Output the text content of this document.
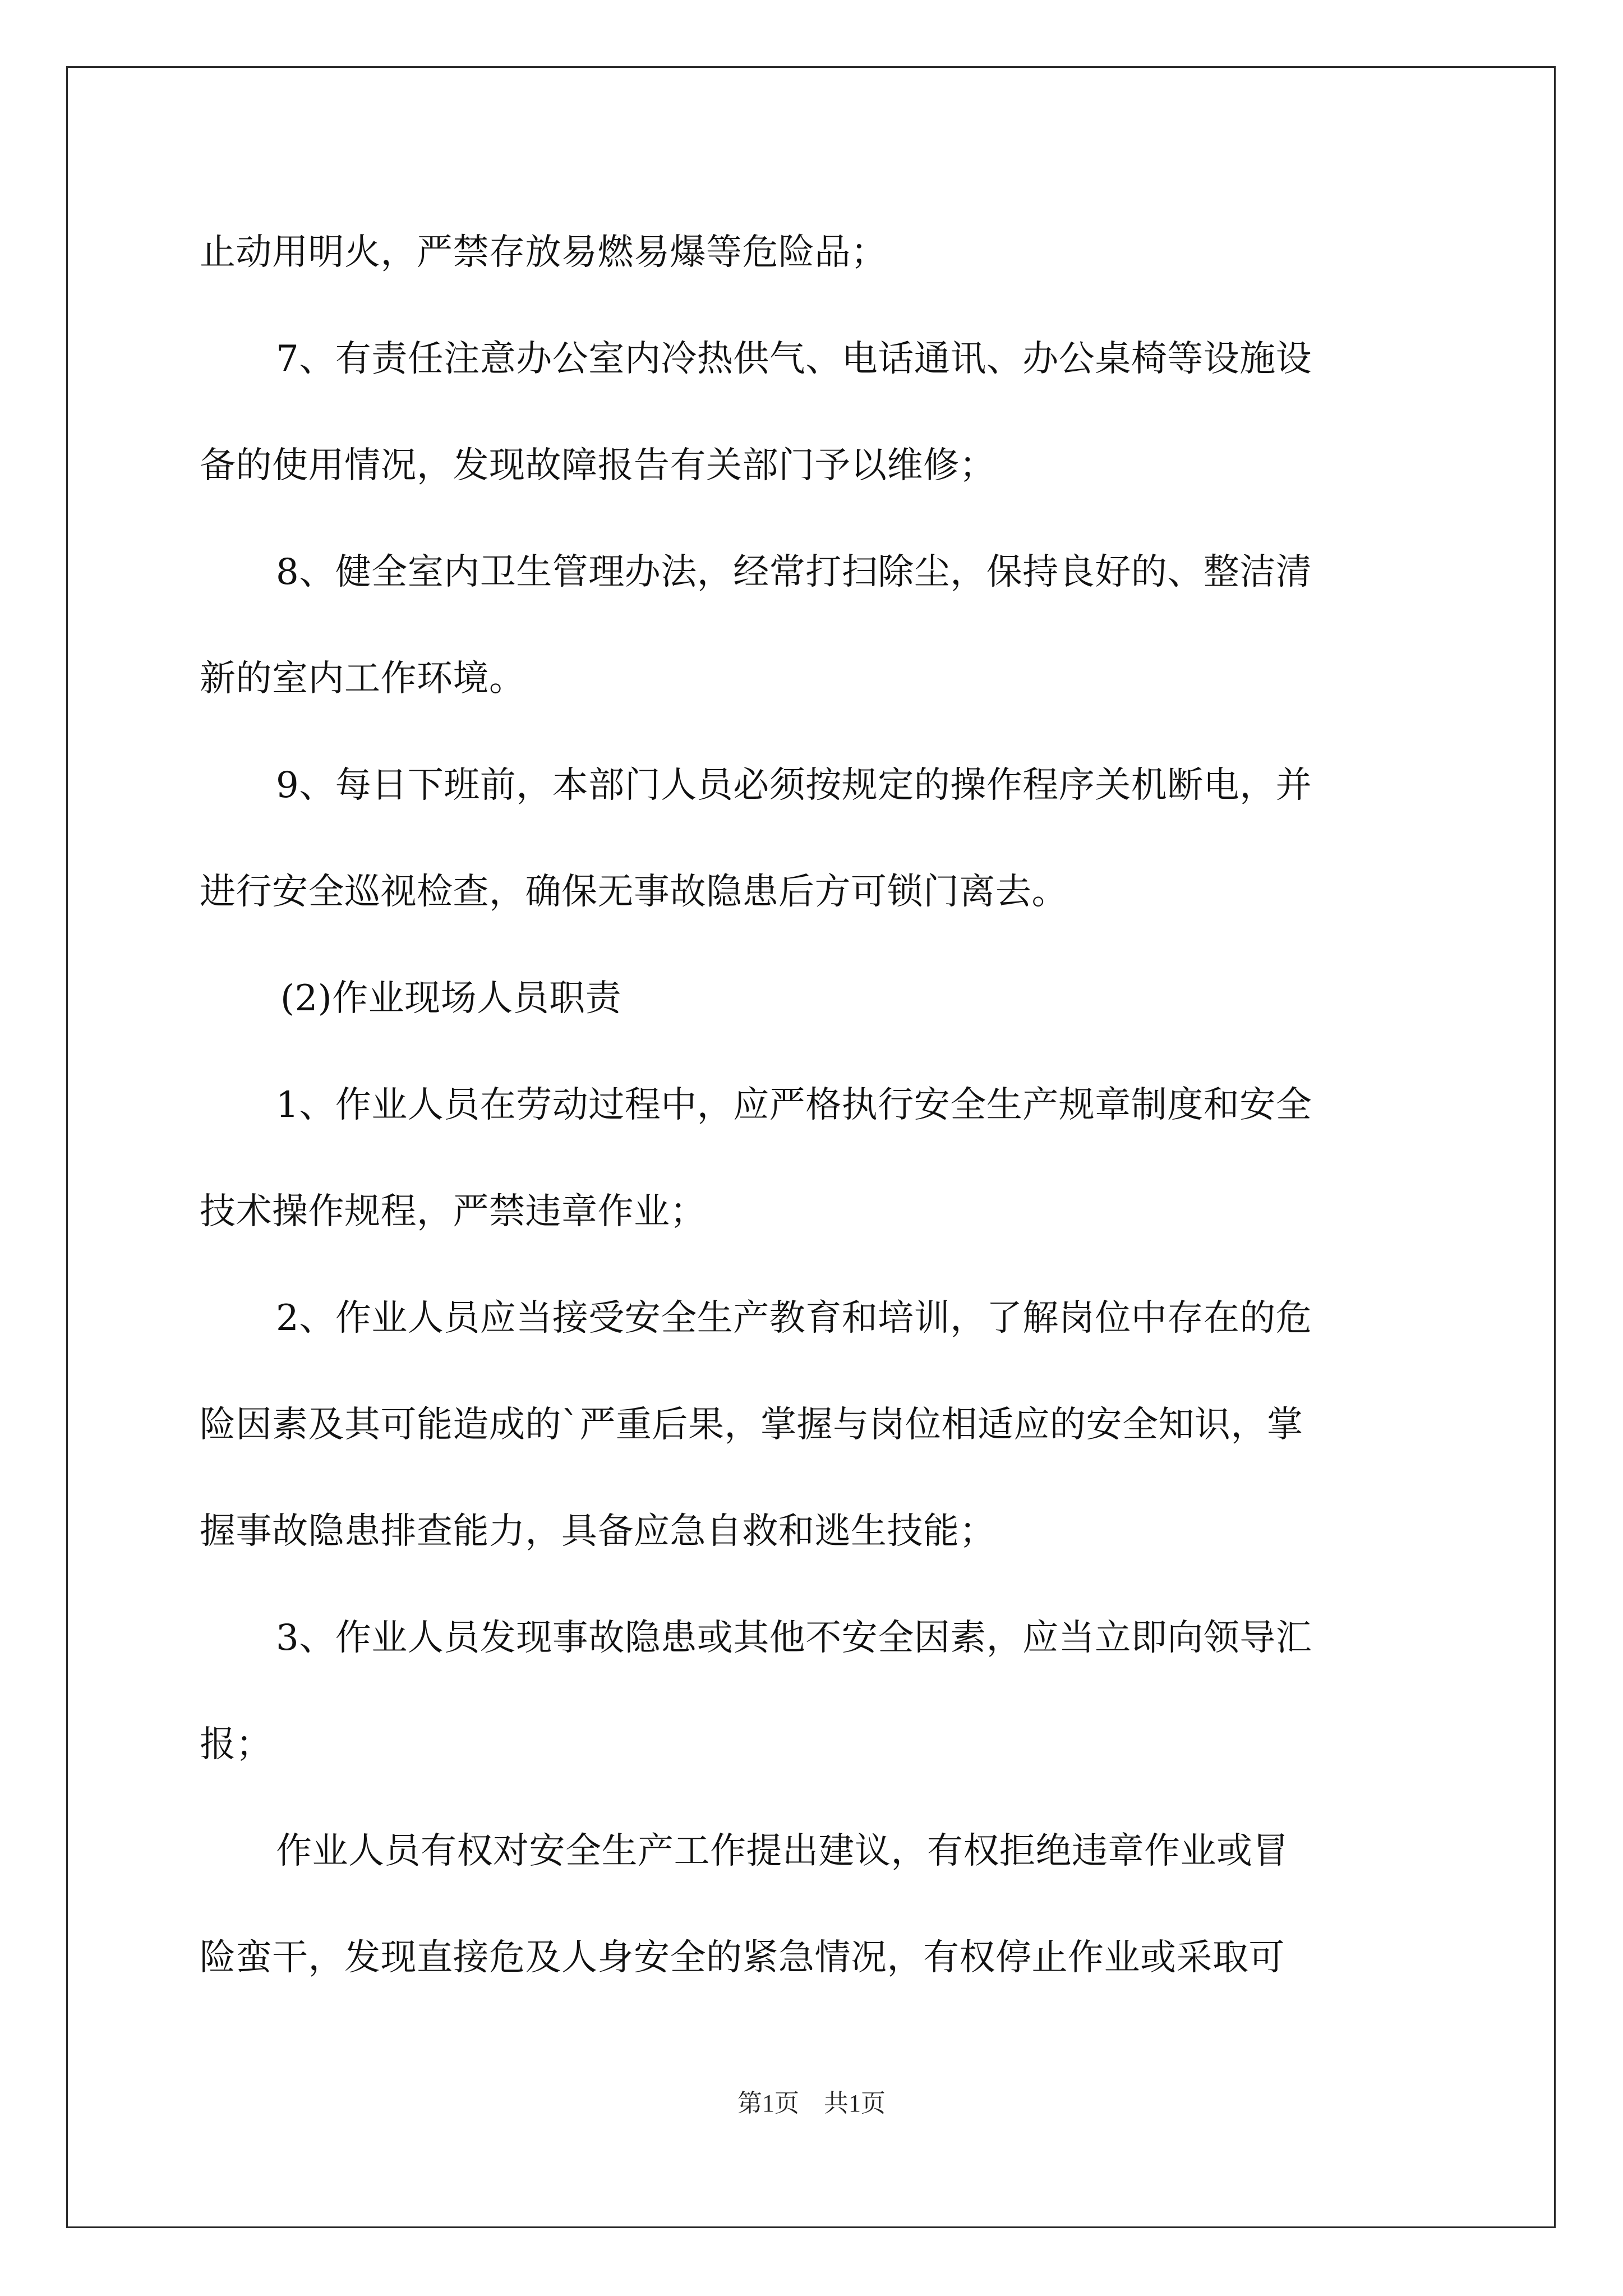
止动用明火，严禁存放易燃易爆等危险品；
7、有责任注意办公室内冷热供气、电话通讯、办公桌椅等设施设
备的使用情况，发现故障报告有关部门予以维修；
8、健全室内卫生管理办法，经常打扫除尘，保持良好的、整洁清
新的室内工作环境。
9、每日下班前，本部门人员必须按规定的操作程序关机断电，并
进行安全巡视检查，确保无事故隐患后方可锁门离去。
(2)作业现场人员职责
1、作业人员在劳动过程中，应严格执行安全生产规章制度和安全
技术操作规程，严禁违章作业；
2、作业人员应当接受安全生产教育和培训，了解岗位中存在的危
险因素及其可能造成的`严重后果，掌握与岗位相适应的安全知识，掌
握事故隐患排查能力，具备应急自救和逃生技能；
3、作业人员发现事故隐患或其他不安全因素，应当立即向领导汇
报；
作业人员有权对安全生产工作提出建议，有权拒绝违章作业或冒
险蛮干，发现直接危及人身安全的紧急情况，有权停止作业或采取可
第1页　共1页
